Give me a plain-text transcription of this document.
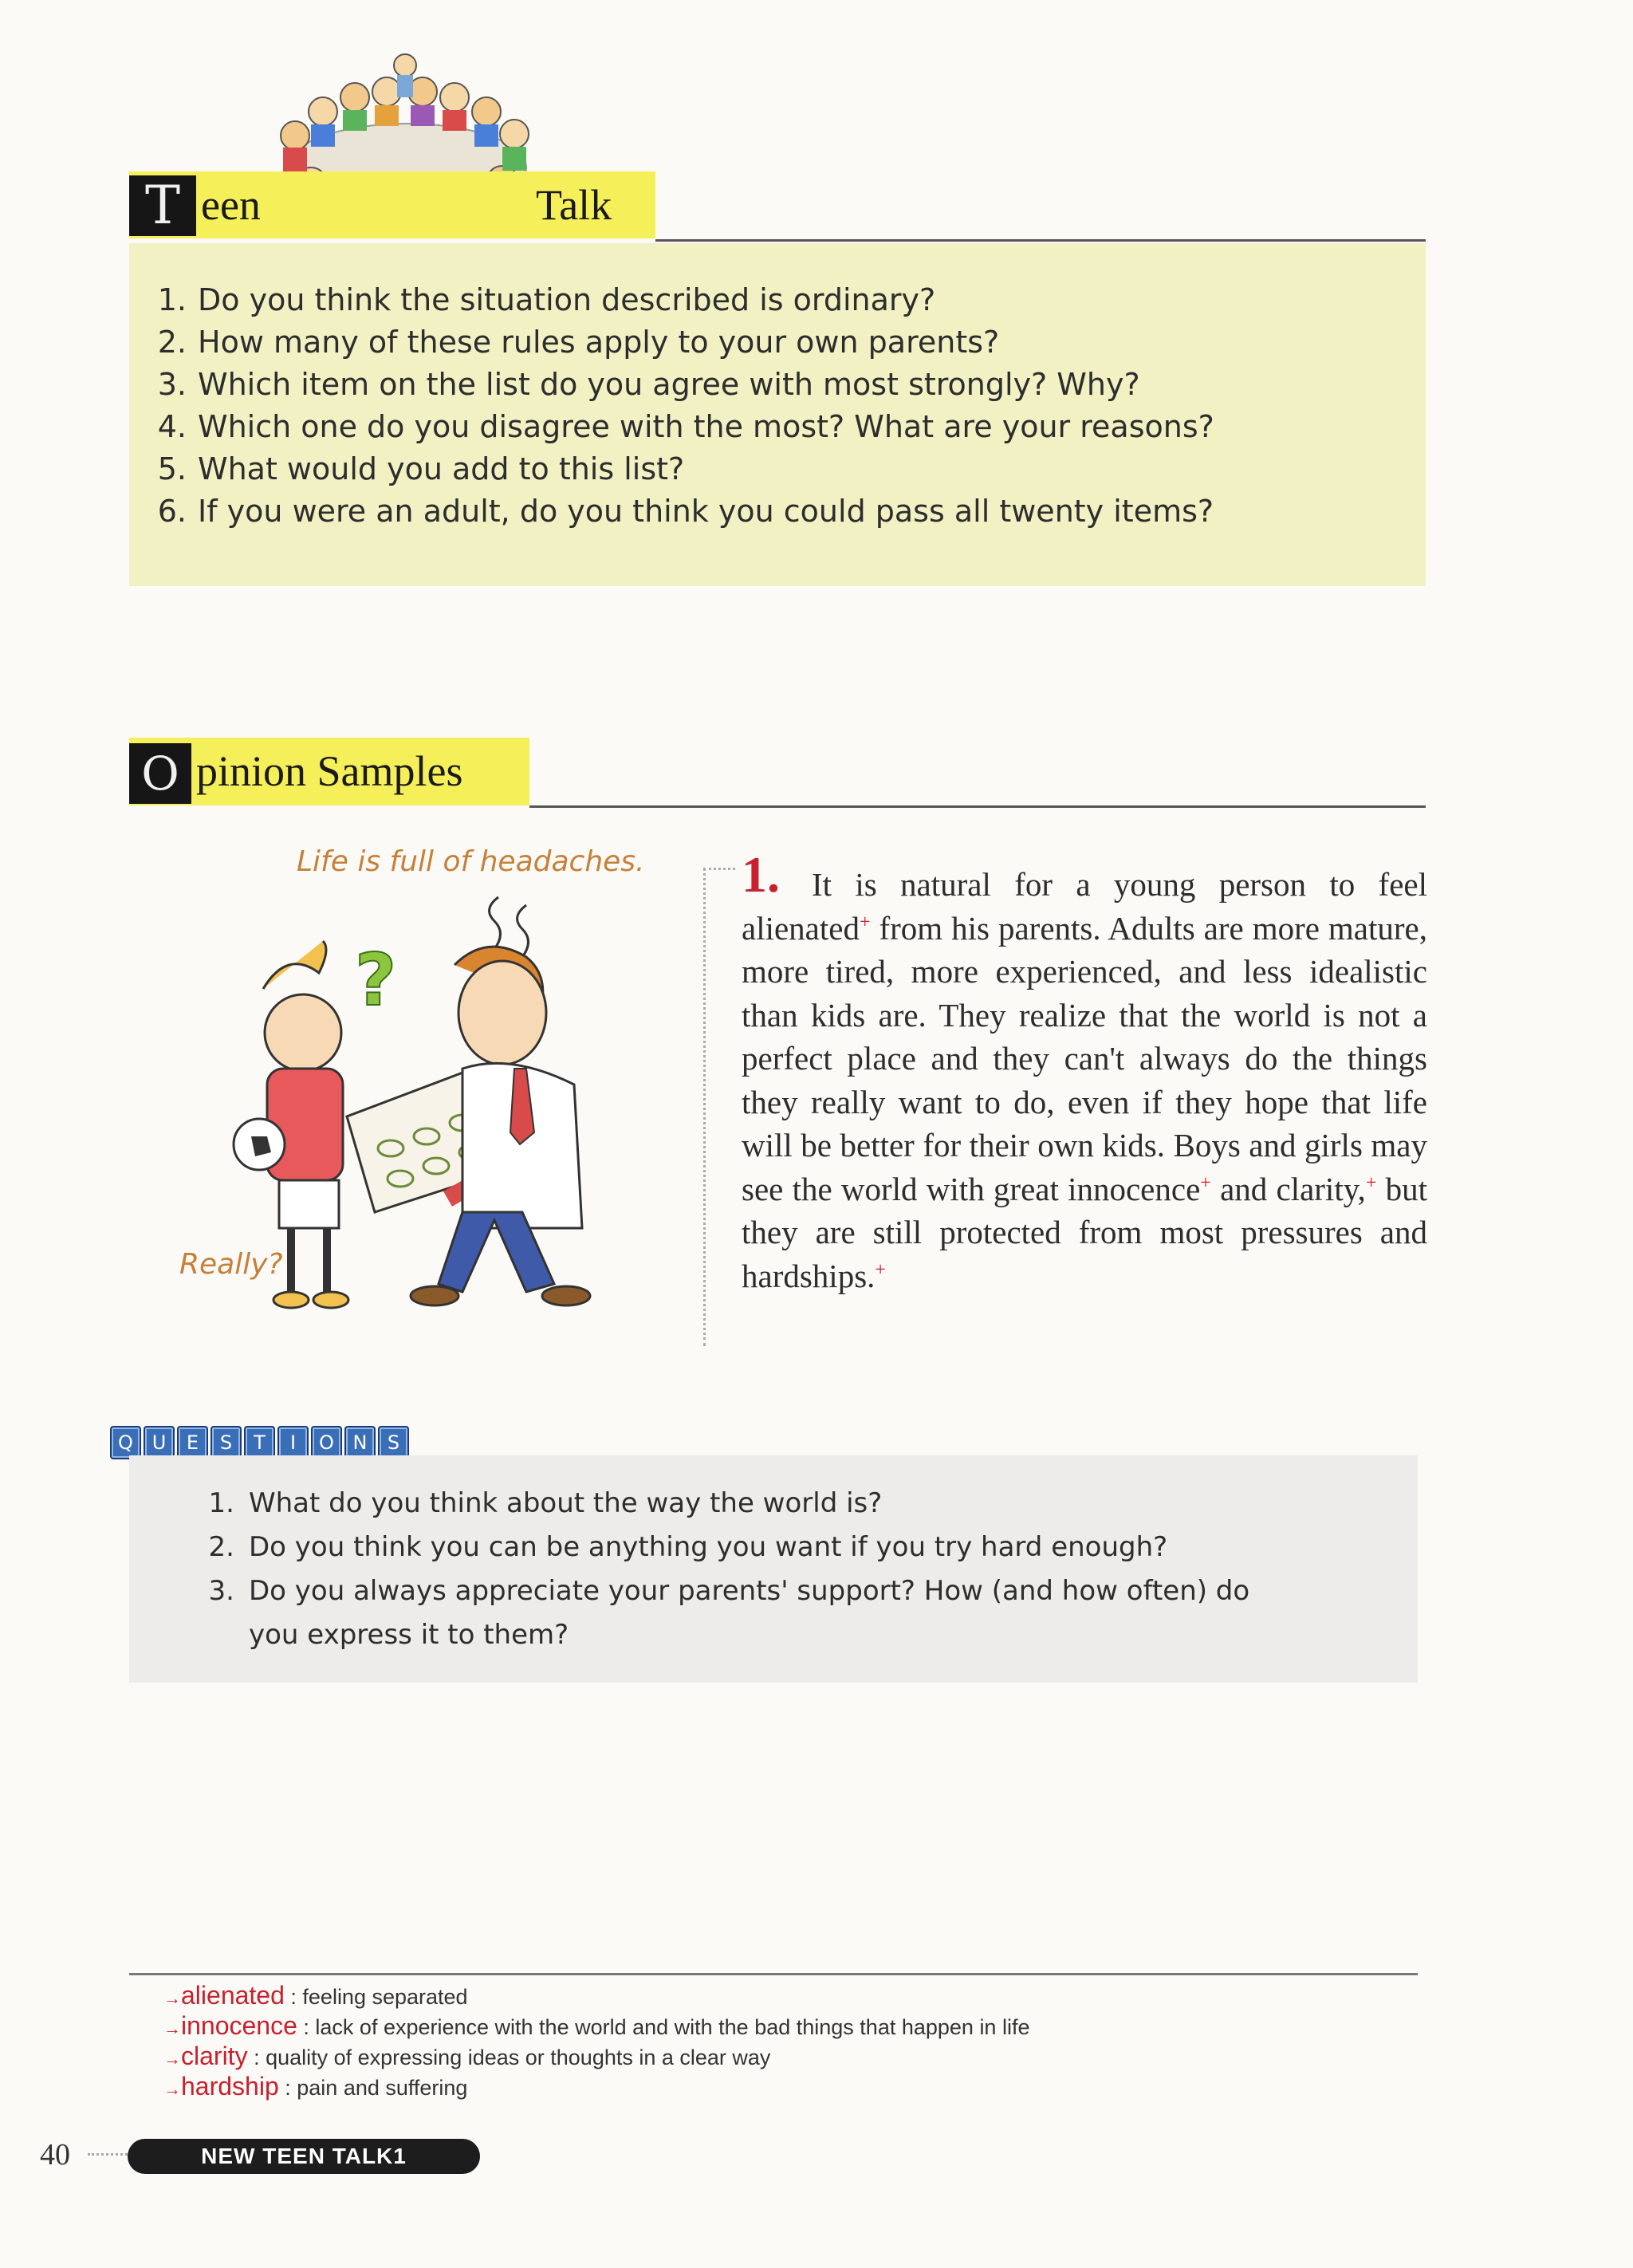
T een	Talk
1. Do you think the situation described is ordinary?
2. How many of these rules apply to your own parents?
3. Which item on the list do you agree with most strongly? Why?
4. Which one do you disagree with the most? What are your reasons?
5. What would you add to this list?
6. If you were an adult, do you think you could pass all twenty items?
O pinion Samples
?
Life is full of headaches.
Really?
1. It is natural for a young person to feel alienated+ from his parents. Adults are more mature, more tired, more experienced, and less idealistic than kids are. They realize that the world is not a perfect place and they can't always do the things they really want to do, even if they hope that life will be better for their own kids. Boys and girls may see the world with great innocence+ and clarity,+ but they are still protected from most pressures and hardships.+
Q U	E	S	T	I	O N	S
1. What do you think about the way the world is?
2. Do you think you can be anything you want if you try hard enough?
3. Do you always appreciate your parents' support? How (and how often) do you express it to them?
→alienated : feeling separated
→innocence : lack of experience with the world and with the bad things that happen in life
→clarity : quality of expressing ideas or thoughts in a clear way
→hardship : pain and suffering
40	NEW TEEN TALK1
